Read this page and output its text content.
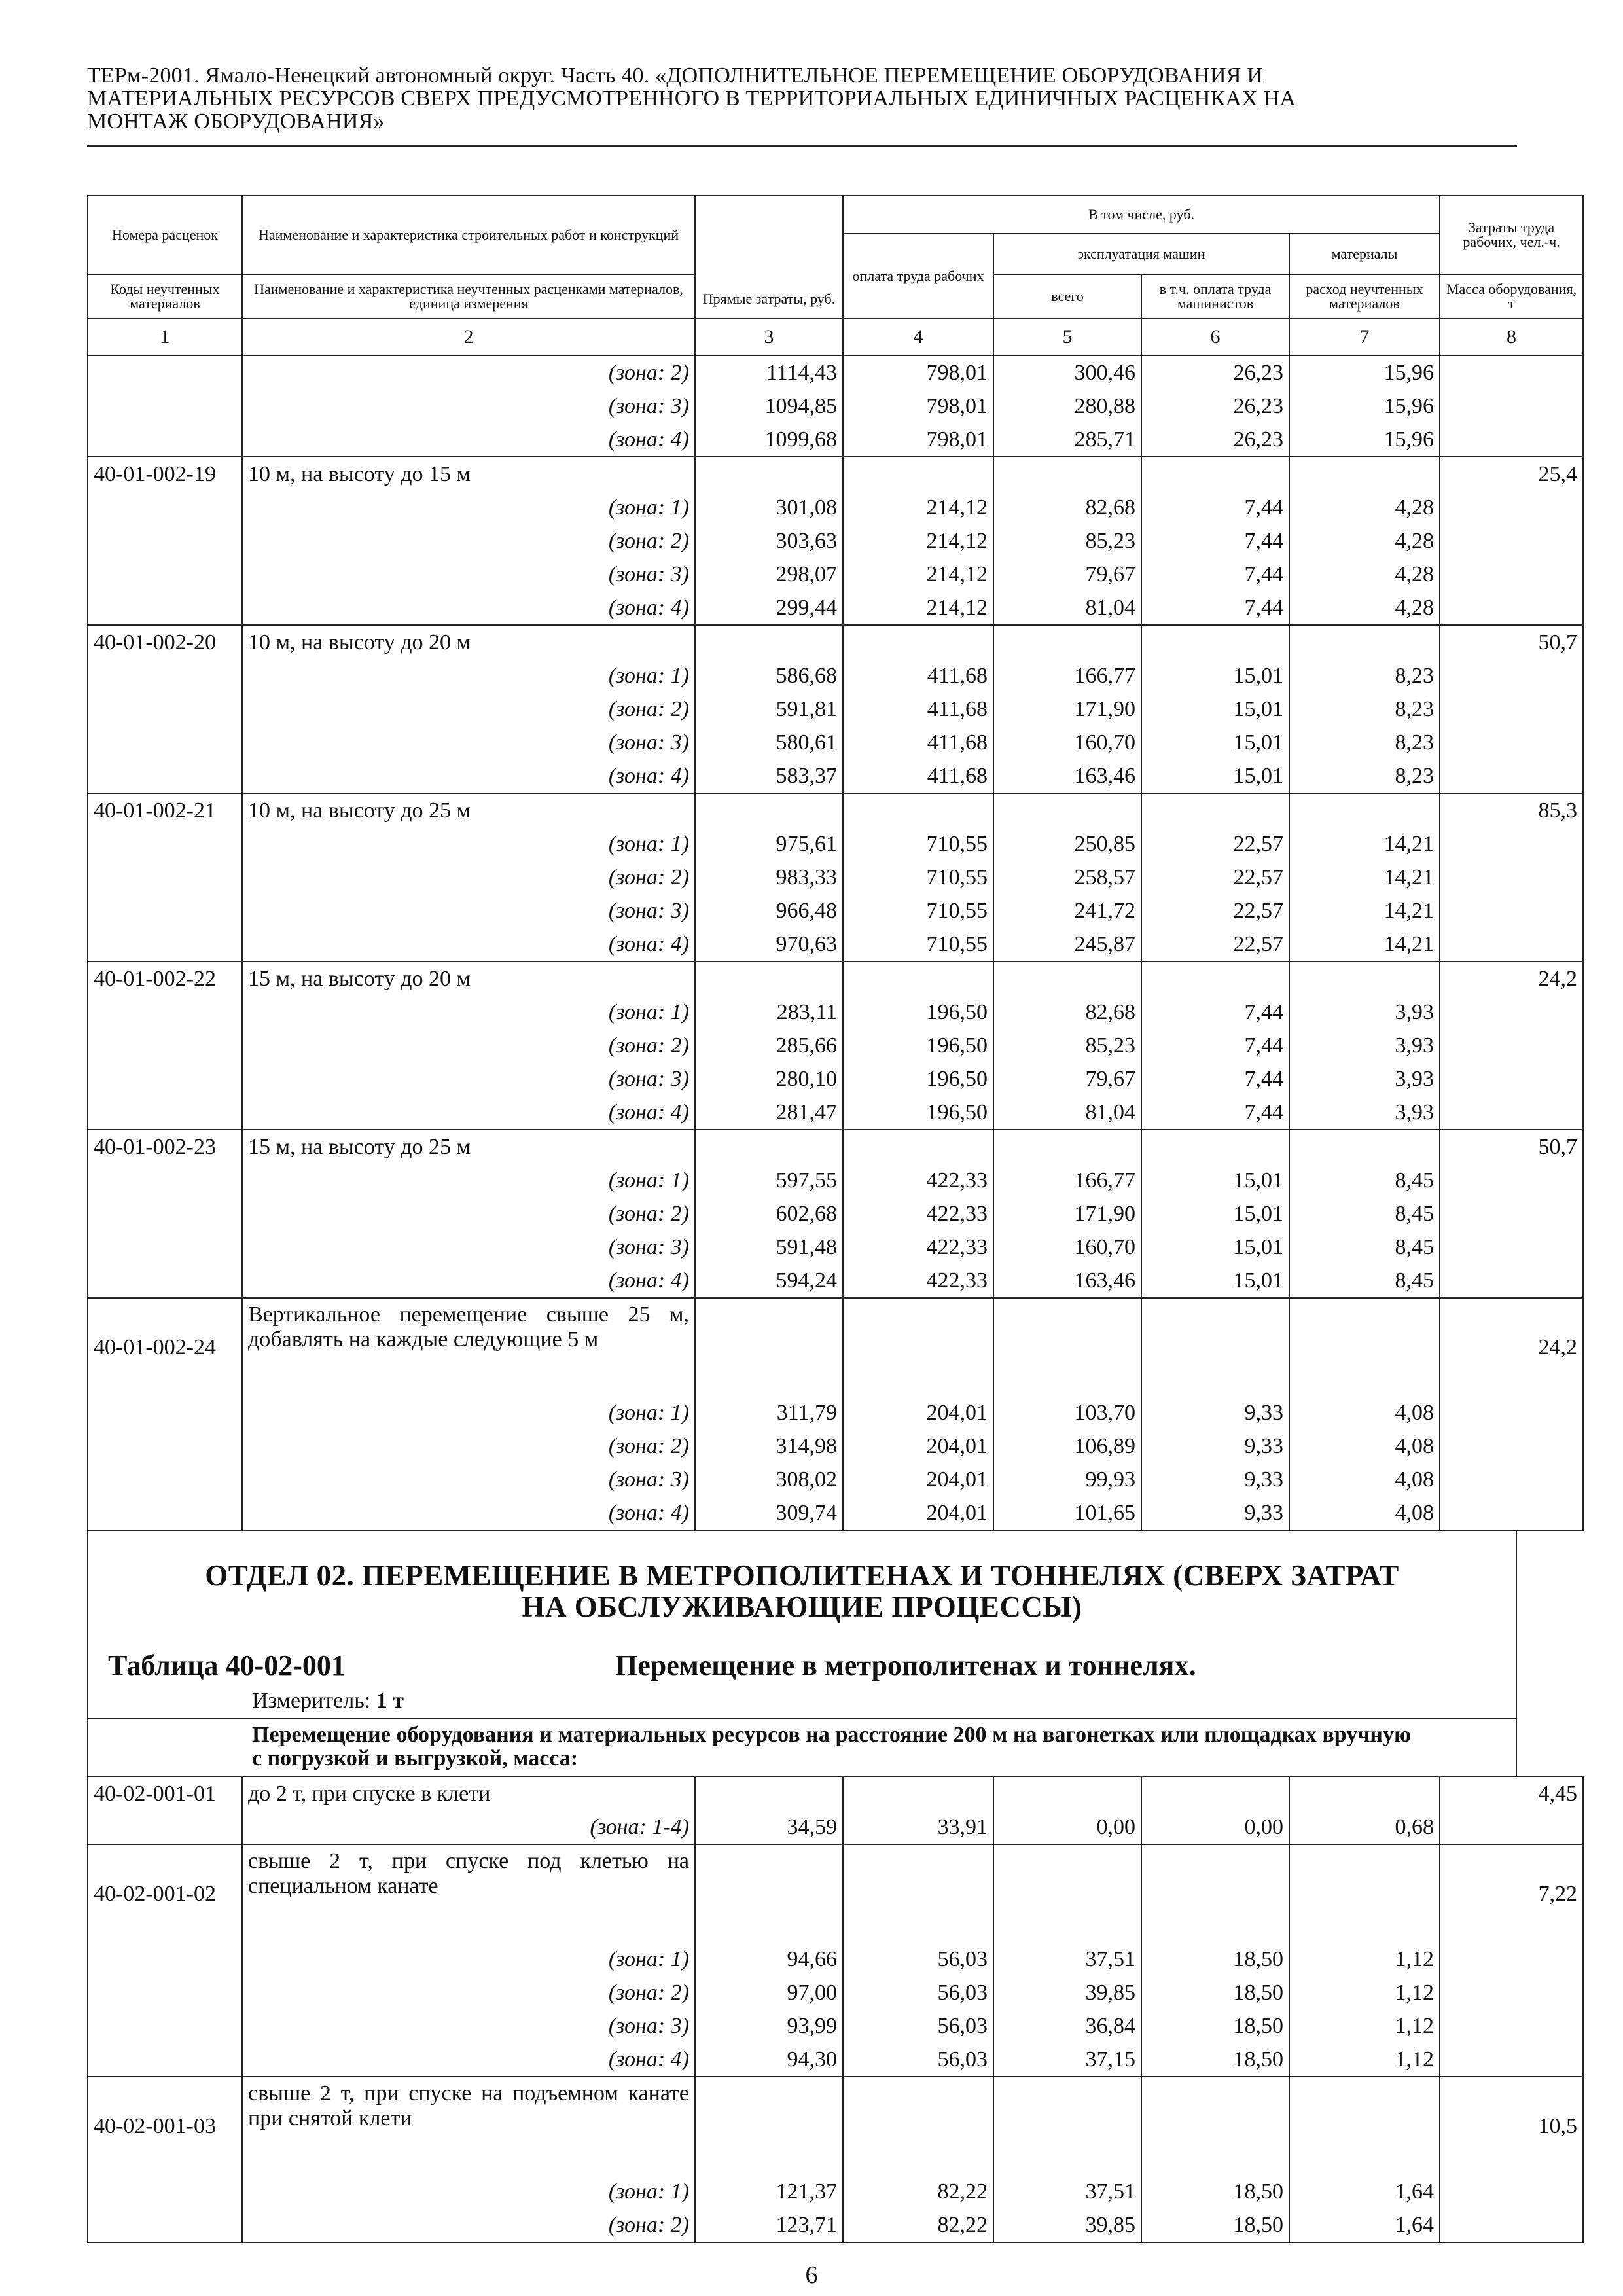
ТЕРм-2001. Ямало-Ненецкий автономный округ. Часть 40. «ДОПОЛНИТЕЛЬНОЕ ПЕРЕМЕЩЕНИЕ ОБОРУДОВАНИЯ И
МАТЕРИАЛЬНЫХ РЕСУРСОВ СВЕРХ ПРЕДУСМОТРЕННОГО В ТЕРРИТОРИАЛЬНЫХ ЕДИНИЧНЫХ РАСЦЕНКАХ НА
МОНТАЖ ОБОРУДОВАНИЯ»
Номера расценок	Наименование и характеристика строительных работ и конструкций	Прямые затраты, руб.	В том числе, руб.				Затраты труда рабочих, чел.-ч.
			оплата труда рабочих	эксплуатация машин		материалы	
Коды неучтенных материалов	Наименование и характеристика неучтенных расценками материалов, единица измерения			всего	в т.ч. оплата труда машинистов	расход неучтенных материалов	Масса оборудования, т
1	2	3	4	5	6	7	8
	(зона: 2)	1114,43	798,01	300,46	26,23	15,96	
	(зона: 3)	1094,85	798,01	280,88	26,23	15,96	
	(зона: 4)	1099,68	798,01	285,71	26,23	15,96	
40-01-002-19	10 м, на высоту до 15 м						25,4
	(зона: 1)	301,08	214,12	82,68	7,44	4,28	
	(зона: 2)	303,63	214,12	85,23	7,44	4,28	
	(зона: 3)	298,07	214,12	79,67	7,44	4,28	
	(зона: 4)	299,44	214,12	81,04	7,44	4,28	
40-01-002-20	10 м, на высоту до 20 м						50,7
	(зона: 1)	586,68	411,68	166,77	15,01	8,23	
	(зона: 2)	591,81	411,68	171,90	15,01	8,23	
	(зона: 3)	580,61	411,68	160,70	15,01	8,23	
	(зона: 4)	583,37	411,68	163,46	15,01	8,23	
40-01-002-21	10 м, на высоту до 25 м						85,3
	(зона: 1)	975,61	710,55	250,85	22,57	14,21	
	(зона: 2)	983,33	710,55	258,57	22,57	14,21	
	(зона: 3)	966,48	710,55	241,72	22,57	14,21	
	(зона: 4)	970,63	710,55	245,87	22,57	14,21	
40-01-002-22	15 м, на высоту до 20 м						24,2
	(зона: 1)	283,11	196,50	82,68	7,44	3,93	
	(зона: 2)	285,66	196,50	85,23	7,44	3,93	
	(зона: 3)	280,10	196,50	79,67	7,44	3,93	
	(зона: 4)	281,47	196,50	81,04	7,44	3,93	
40-01-002-23	15 м, на высоту до 25 м						50,7
	(зона: 1)	597,55	422,33	166,77	15,01	8,45	
	(зона: 2)	602,68	422,33	171,90	15,01	8,45	
	(зона: 3)	591,48	422,33	160,70	15,01	8,45	
	(зона: 4)	594,24	422,33	163,46	15,01	8,45	
40-01-002-24	Вертикальное перемещение свыше 25 м, добавлять на каждые следующие 5 м						24,2
	(зона: 1)	311,79	204,01	103,70	9,33	4,08	
	(зона: 2)	314,98	204,01	106,89	9,33	4,08	
	(зона: 3)	308,02	204,01	99,93	9,33	4,08	
	(зона: 4)	309,74	204,01	101,65	9,33	4,08	
ОТДЕЛ 02. ПЕРЕМЕЩЕНИЕ В МЕТРОПОЛИТЕНАХ И ТОННЕЛЯХ (СВЕРХ ЗАТРАТ
НА ОБСЛУЖИВАЮЩИЕ ПРОЦЕССЫ)
Таблица 40-02-001	Перемещение в метрополитенах и тоннелях.
Измеритель: 1 т
Перемещение оборудования и материальных ресурсов на расстояние 200 м на вагонетках или площадках вручную с погрузкой и выгрузкой, масса:
40-02-001-01	до 2 т, при спуске в клети						4,45
	(зона: 1-4)	34,59	33,91	0,00	0,00	0,68	
40-02-001-02	свыше 2 т, при спуске под клетью на специальном канате						7,22
	(зона: 1)	94,66	56,03	37,51	18,50	1,12	
	(зона: 2)	97,00	56,03	39,85	18,50	1,12	
	(зона: 3)	93,99	56,03	36,84	18,50	1,12	
	(зона: 4)	94,30	56,03	37,15	18,50	1,12	
40-02-001-03	свыше 2 т, при спуске на подъемном канате при снятой клети						10,5
	(зона: 1)	121,37	82,22	37,51	18,50	1,64	
	(зона: 2)	123,71	82,22	39,85	18,50	1,64	
6
